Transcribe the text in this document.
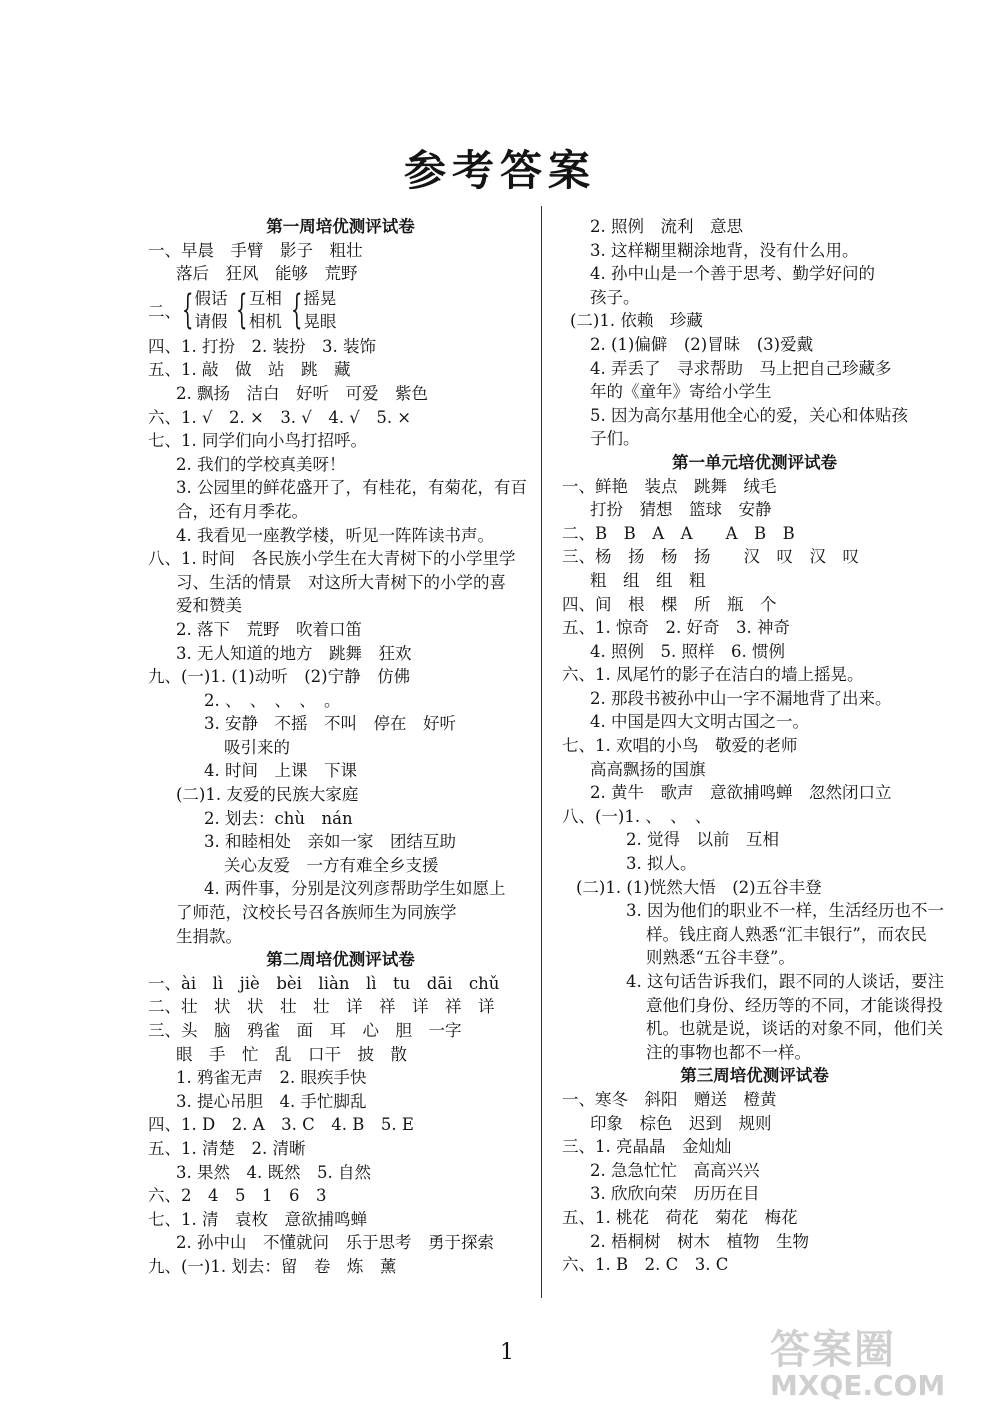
参考答案
第一周培优测评试卷
一、早晨　手臂　影子　粗壮
落后　狂风　能够　荒野
二、 { 假话
请假 { 互相
相机 { 摇晃
晃眼
四、1. 打扮　2. 装扮　3. 装饰
五、1. 敲　做　站　跳　藏
2. 飘扬　洁白　好听　可爱　紫色
六、1. √　2. ×　3. √　4. √　5. ×
七、1. 同学们向小鸟打招呼。
2. 我们的学校真美呀！
3. 公园里的鲜花盛开了，有桂花，有菊花，有百
合，还有月季花。
4. 我看见一座教学楼，听见一阵阵读书声。
八、1. 时间　各民族小学生在大青树下的小学里学
习、生活的情景　对这所大青树下的小学的喜
爱和赞美
2. 落下　荒野　吹着口笛
3. 无人知道的地方　跳舞　狂欢
九、(一)1. (1)动听　(2)宁静　仿佛
2. 、　、　、　、　。
3. 安静　不摇　不叫　停在　好听
吸引来的
4. 时间　上课　下课
(二)1. 友爱的民族大家庭
2. 划去：chù　nán
3. 和睦相处　亲如一家　团结互助
关心友爱　一方有难全乡支援
4. 两件事，分别是汶列彦帮助学生如愿上
了师范，汶校长号召各族师生为同族学
生捐款。
第二周培优测评试卷
一、ài　lì　jiè　bèi　liàn　lì　tu　dāi　chǔ
二、壮　状　状　壮　壮　详　祥　详　祥　详
三、头　脑　鸦雀　面　耳　心　胆　一字
眼　手　忙　乱　口干　披　散
1. 鸦雀无声　2. 眼疾手快
3. 提心吊胆　4. 手忙脚乱
四、1. D　2. A　3. C　4. B　5. E
五、1. 清楚　2. 清晰
3. 果然　4. 既然　5. 自然
六、2　4　5　1　6　3
七、1. 清　袁枚　意欲捕鸣蝉
2. 孙中山　不懂就问　乐于思考　勇于探索
九、(一)1. 划去：留　卷　炼　薰
2. 照例　流利　意思
3. 这样糊里糊涂地背，没有什么用。
4. 孙中山是一个善于思考、勤学好问的
孩子。
(二)1. 依赖　珍藏
2. (1)偏僻　(2)冒昧　(3)爱戴
4. 弄丢了　寻求帮助　马上把自己珍藏多
年的《童年》寄给小学生
5. 因为高尔基用他全心的爱，关心和体贴孩
子们。
第一单元培优测评试卷
一、鲜艳　装点　跳舞　绒毛
打扮　猜想　篮球　安静
二、B　B　A　A　　A　B　B
三、杨　扬　杨　扬　　汉　叹　汉　叹
粗　组　组　粗
四、间　根　棵　所　瓶　个
五、1. 惊奇　2. 好奇　3. 神奇
4. 照例　5. 照样　6. 惯例
六、1. 凤尾竹的影子在洁白的墙上摇晃。
2. 那段书被孙中山一字不漏地背了出来。
4. 中国是四大文明古国之一。
七、1. 欢唱的小鸟　敬爱的老师
高高飘扬的国旗
2. 黄牛　歌声　意欲捕鸣蝉　忽然闭口立
八、(一)1. 、　、　、
2. 觉得　以前　互相
3. 拟人。
(二)1. (1)恍然大悟　(2)五谷丰登
3. 因为他们的职业不一样，生活经历也不一
样。钱庄商人熟悉“汇丰银行”，而农民
则熟悉“五谷丰登”。
4. 这句话告诉我们，跟不同的人谈话，要注
意他们身份、经历等的不同，才能谈得投
机。也就是说，谈话的对象不同，他们关
注的事物也都不一样。
第三周培优测评试卷
一、寒冬　斜阳　赠送　橙黄
印象　棕色　迟到　规则
三、1. 亮晶晶　金灿灿
2. 急急忙忙　高高兴兴
3. 欣欣向荣　历历在目
五、1. 桃花　荷花　菊花　梅花
2. 梧桐树　树木　植物　生物
六、1. B　2. C　3. C
1	答案圈
MXQE.COM
